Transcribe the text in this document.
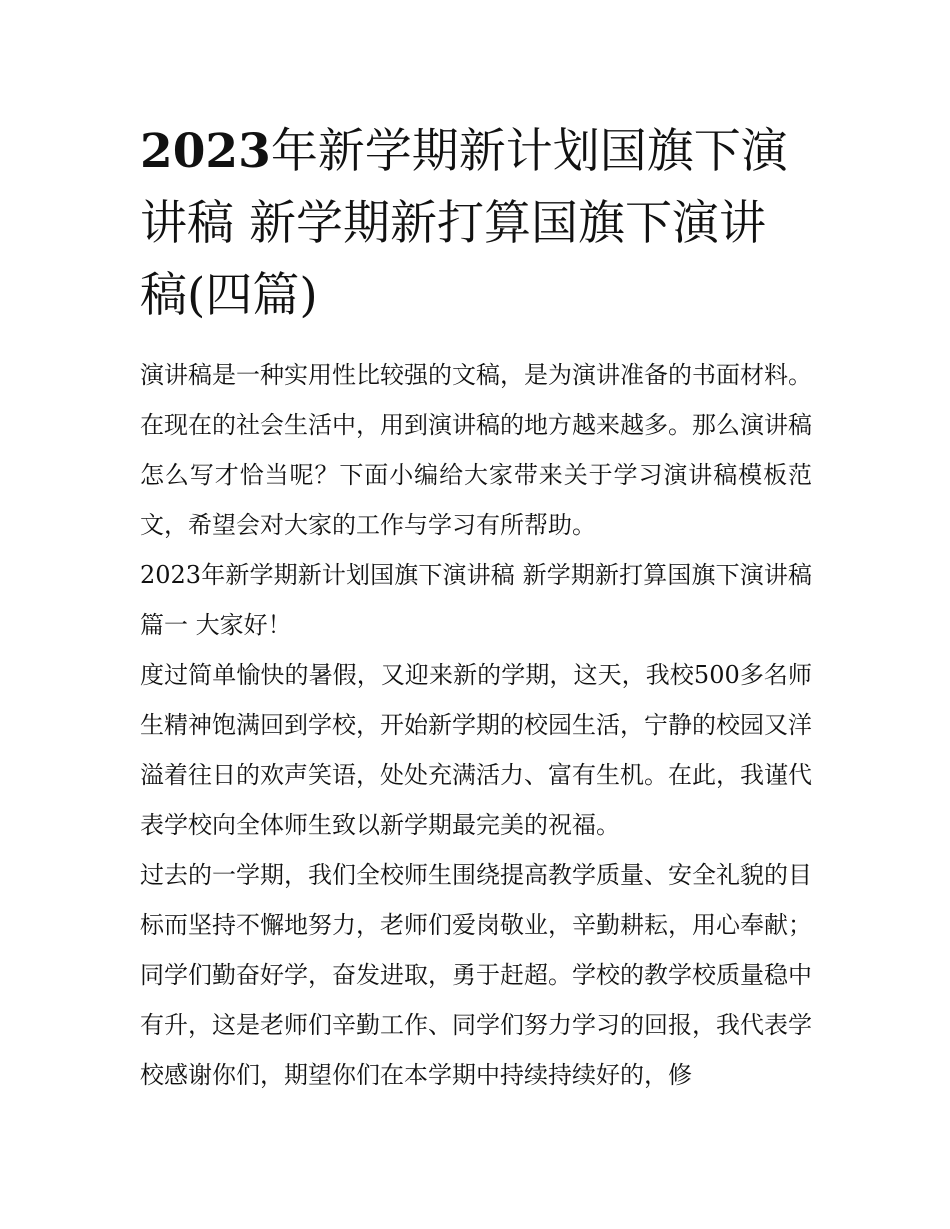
2023年新学期新计划国旗下演讲稿 新学期新打算国旗下演讲稿(四篇)

演讲稿是一种实用性比较强的文稿，是为演讲准备的书面材料。在现在的社会生活中，用到演讲稿的地方越来越多。那么演讲稿怎么写才恰当呢？下面小编给大家带来关于学习演讲稿模板范文，希望会对大家的工作与学习有所帮助。

2023年新学期新计划国旗下演讲稿 新学期新打算国旗下演讲稿篇一 大家好！

度过简单愉快的暑假，又迎来新的学期，这天，我校500多名师生精神饱满回到学校，开始新学期的校园生活，宁静的校园又洋溢着往日的欢声笑语，处处充满活力、富有生机。在此，我谨代表学校向全体师生致以新学期最完美的祝福。

过去的一学期，我们全校师生围绕提高教学质量、安全礼貌的目标而坚持不懈地努力，老师们爱岗敬业，辛勤耕耘，用心奉献；同学们勤奋好学，奋发进取，勇于赶超。学校的教学校质量稳中有升，这是老师们辛勤工作、同学们努力学习的回报，我代表学校感谢你们，期望你们在本学期中持续持续好的，修
